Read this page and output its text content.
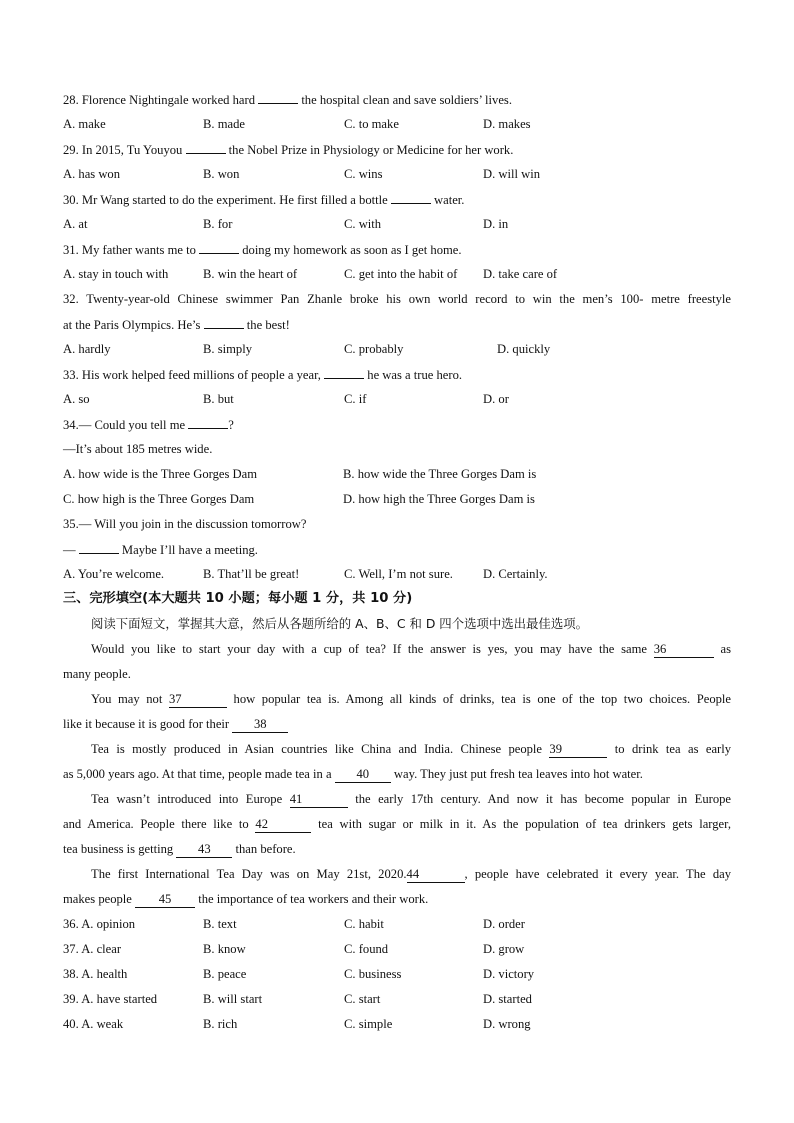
28. Florence Nightingale worked hard	the hospital clean and save soldiers’ lives.
A. make	B. made	C. to make	D. makes
29. In 2015, Tu Youyou	the Nobel Prize in Physiology or Medicine for her work.
A. has won	B. won	C. wins	D. will win
30. Mr Wang started to do the experiment. He first filled a bottle	water.
A. at	B. for	C. with	D. in
31. My father wants me to	doing my homework as soon as I get home.
A. stay in touch with	B. win the heart of	C. get into the habit of D. take care of
32. Twenty-year-old Chinese swimmer Pan Zhanle broke his own world record to win the men’s 100- metre freestyle
at the Paris Olympics. He’s	the best!
A. hardly	B. simply	C. probably	D. quickly
33. His work helped feed millions of people a year,	he was a true hero.
A. so	B. but	C. if	D. or
34.— Could you tell me	?
—It’s about 185 metres wide.
A. how wide is the Three Gorges Dam	B. how wide the Three Gorges Dam is
C. how high is the Three Gorges Dam	D. how high the Three Gorges Dam is
35.— Will you join in the discussion tomorrow?
—	Maybe I’ll have a meeting.
A. You’re welcome.	B. That’ll be great!	C. Well, I’m not sure. D. Certainly.
三、完形填空(本大题共 10 小题；每小题 1 分，共 10 分)
阅读下面短文，掌握其大意，然后从各题所给的 A、B、C 和 D 四个选项中选出最佳选项。
Would you like to start your day with a cup of tea? If the answer is yes, you may have the same 36	as
many people.
You may not 37	how popular tea is. Among all kinds of drinks, tea is one of the top two choices. People
like it because it is good for their 38
Tea is mostly produced in Asian countries like China and India. Chinese people 39	to drink tea as early
as 5,000 years ago. At that time, people made tea in a 40 way. They just put fresh tea leaves into hot water.
Tea wasn’t introduced into Europe 41	the early 17th century. And now it has become popular in Europe
and America. People there like to 42	tea with sugar or milk in it. As the population of tea drinkers gets larger,
tea business is getting 43 than before.
The first International Tea Day was on May 21st, 2020.44	, people have celebrated it every year. The day
makes people 45 the importance of tea workers and their work.
36. A. opinion	B. text	C. habit	D. order
37. A. clear	B. know	C. found	D. grow
38. A. health	B. peace	C. business	D. victory
39. A. have started	B. will start	C. start	D. started
40. A. weak	B. rich	C. simple	D. wrong
